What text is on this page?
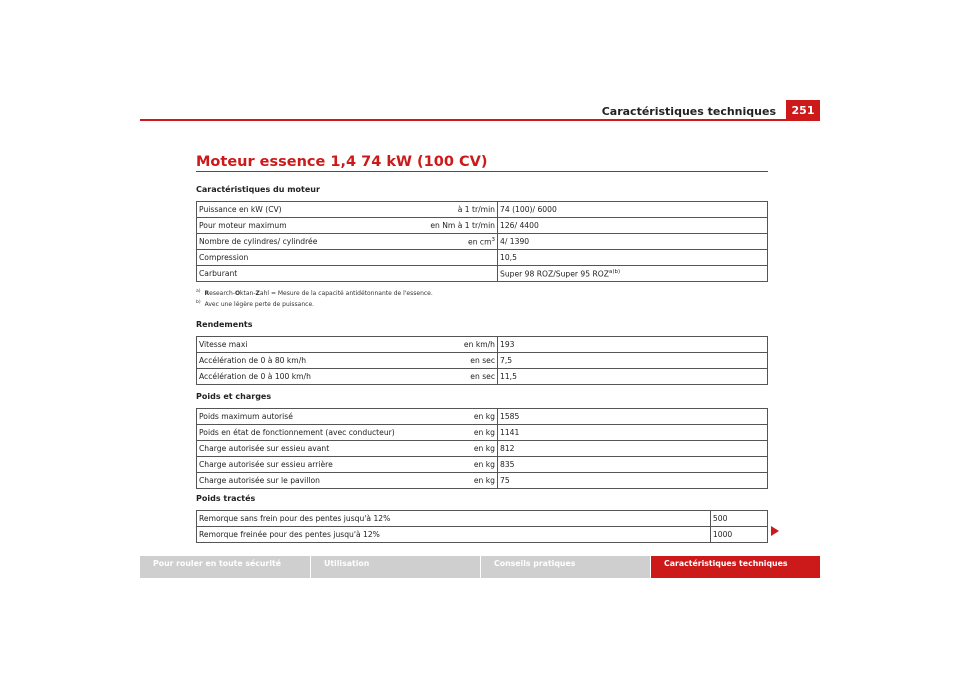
Caractéristiques techniques	251
Moteur essence 1,4 74 kW (100 CV)
Caractéristiques du moteur
Puissance en kW (CV)	à 1 tr/min	74 (100)/ 6000
Pour moteur maximum	en Nm à 1 tr/min	126/ 4400
Nombre de cylindres/ cylindrée	en $cm^3$	4/ 1390
Compression		10,5
Carburant		Super 98 ROZ/Super 95 $ROZ^{a)b)}$
$^{a)}$ Research-Oktan-Zahl = Mesure de la capacité antidétonnante de l'essence.
$^{b)}$ Avec une légère perte de puissance.
Rendements
Vitesse maxi	en km/h	193
Accélération de 0 à 80 km/h	en sec	7,5
Accélération de 0 à 100 km/h	en sec	11,5
Poids et charges
Poids maximum autorisé	en kg	1585
Poids en état de fonctionnement (avec conducteur)	en kg	1141
Charge autorisée sur essieu avant	en kg	812
Charge autorisée sur essieu arrière	en kg	835
Charge autorisée sur le pavillon	en kg	75
Poids tractés
Remorque sans frein pour des pentes jusqu'à 12%	500
Remorque freinée pour des pentes jusqu'à 12%	1000
Pour rouler en toute sécurité	Utilisation	Conseils pratiques	Caractéristiques techniques
